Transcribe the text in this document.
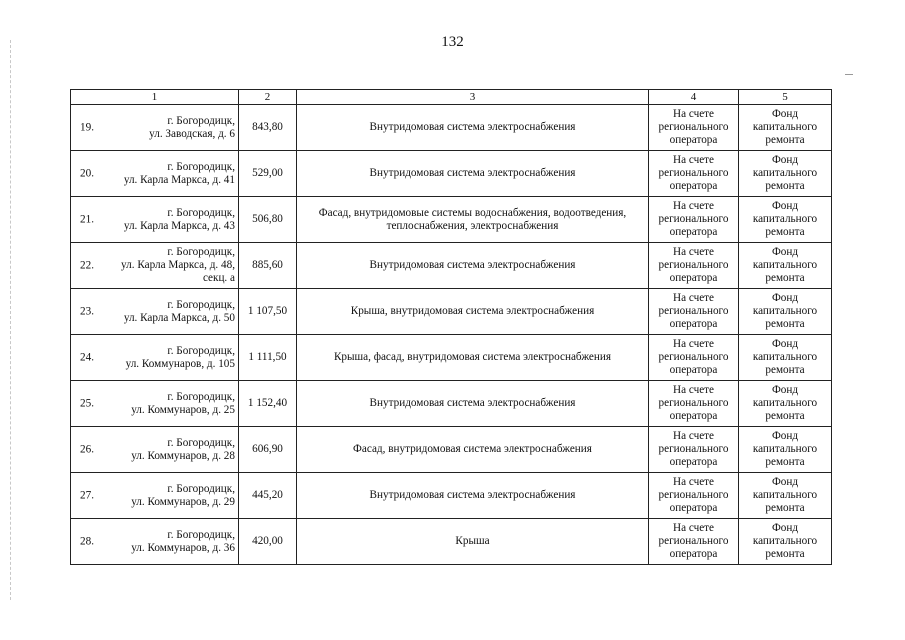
132
1	2	3	4	5

19.
г. Богородицк,
ул. Заводская, д. 6	843,80	Внутридомовая система электроснабжения	На счете
регионального
оператора	Фонд
капитального
ремонта

20.
г. Богородицк,
ул. Карла Маркса, д. 41	529,00	Внутридомовая система электроснабжения	На счете
регионального
оператора	Фонд
капитального
ремонта

21.
г. Богородицк,
ул. Карла Маркса, д. 43	506,80	Фасад, внутридомовые системы водоснабжения, водоотведения, теплоснабжения, электроснабжения	На счете
регионального
оператора	Фонд
капитального
ремонта

22.
г. Богородицк,
ул. Карла Маркса, д. 48,
секц. а	885,60	Внутридомовая система электроснабжения	На счете
регионального
оператора	Фонд
капитального
ремонта

23.
г. Богородицк,
ул. Карла Маркса, д. 50	1 107,50	Крыша, внутридомовая система электроснабжения	На счете
регионального
оператора	Фонд
капитального
ремонта

24.
г. Богородицк,
ул. Коммунаров, д. 105	1 111,50	Крыша, фасад, внутридомовая система электроснабжения	На счете
регионального
оператора	Фонд
капитального
ремонта

25.
г. Богородицк,
ул. Коммунаров, д. 25	1 152,40	Внутридомовая система электроснабжения	На счете
регионального
оператора	Фонд
капитального
ремонта

26.
г. Богородицк,
ул. Коммунаров, д. 28	606,90	Фасад, внутридомовая система электроснабжения	На счете
регионального
оператора	Фонд
капитального
ремонта

27.
г. Богородицк,
ул. Коммунаров, д. 29	445,20	Внутридомовая система электроснабжения	На счете
регионального
оператора	Фонд
капитального
ремонта

28.
г. Богородицк,
ул. Коммунаров, д. 36	420,00	Крыша	На счете
регионального
оператора	Фонд
капитального
ремонта
